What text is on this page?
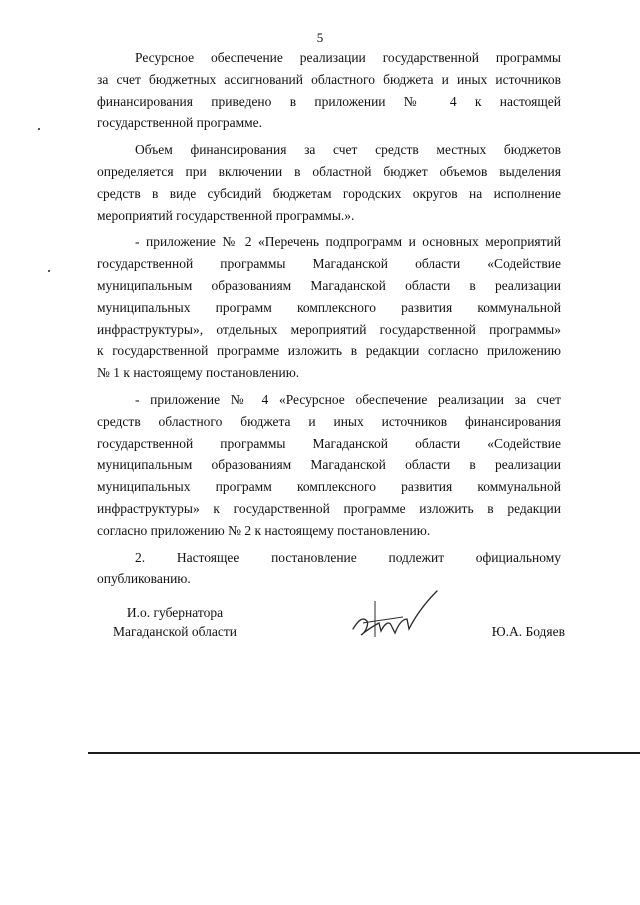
5
Ресурсное обеспечение реализации государственной программы
за счет бюджетных ассигнований областного бюджета и иных источников
финансирования приведено в приложении № 4 к настоящей
государственной программе.
Объем финансирования за счет средств местных бюджетов
определяется при включении в областной бюджет объемов выделения
средств в виде субсидий бюджетам городских округов на исполнение
мероприятий государственной программы.».
- приложение № 2 «Перечень подпрограмм и основных мероприятий
государственной программы Магаданской области «Содействие
муниципальным образованиям Магаданской области в реализации
муниципальных программ комплексного развития коммунальной
инфраструктуры», отдельных мероприятий государственной программы»
к государственной программе изложить в редакции согласно приложению
№ 1 к настоящему постановлению.
- приложение № 4 «Ресурсное обеспечение реализации за счет
средств областного бюджета и иных источников финансирования
государственной программы Магаданской области «Содействие
муниципальным образованиям Магаданской области в реализации
муниципальных программ комплексного развития коммунальной
инфраструктуры» к государственной программе изложить в редакции
согласно приложению № 2 к настоящему постановлению.
2. Настоящее постановление подлежит официальному
опубликованию.
И.о. губернатора
Магаданской области	Ю.А. Бодяев
